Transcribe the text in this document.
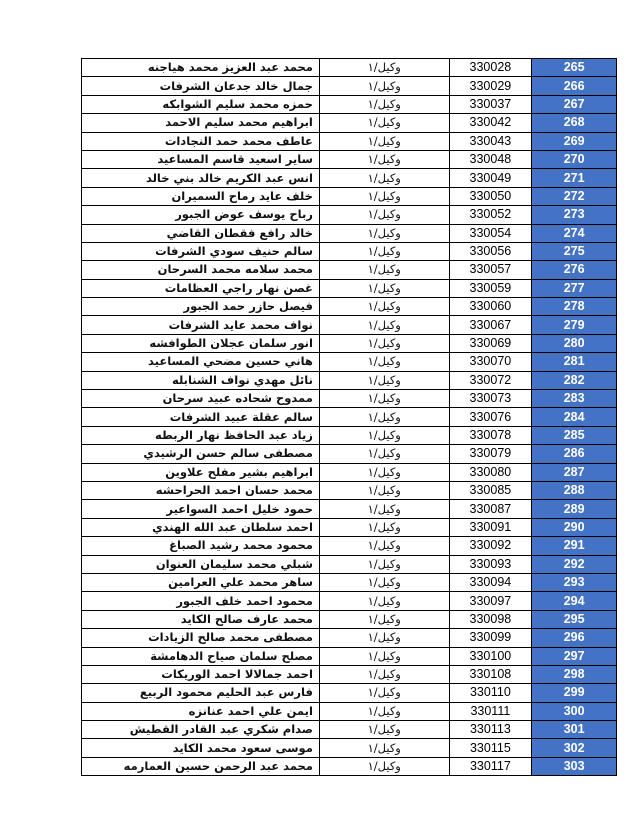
محمد عبد العزيز محمد هياجنه	وكيل/١	330028	265
جمال خالد جدعان الشرفات	وكيل/١	330029	266
حمزه محمد سليم الشوابكه	وكيل/١	330037	267
ابراهيم محمد سليم الاحمد	وكيل/١	330042	268
عاطف محمد حمد النجادات	وكيل/١	330043	269
ساير اسعيد قاسم المساعيد	وكيل/١	330048	270
انس عبد الكريم خالد بني خالد	وكيل/١	330049	271
خلف عايد رماح السميران	وكيل/١	330050	272
رباح يوسف عوض الجبور	وكيل/١	330052	273
خالد رافع فقطان القاضي	وكيل/١	330054	274
سالم حنيف سودي الشرفات	وكيل/١	330056	275
محمد سلامه محمد السرحان	وكيل/١	330057	276
غصن نهار راجي العظامات	وكيل/١	330059	277
فيصل حازر حمد الجبور	وكيل/١	330060	278
نواف محمد عايد الشرفات	وكيل/١	330067	279
انور سلمان عجلان الطوافشه	وكيل/١	330069	280
هاني حسين مضحي المساعيد	وكيل/١	330070	281
نائل مهدي نواف الشنابله	وكيل/١	330072	282
ممدوح شحاده عبيد سرحان	وكيل/١	330073	283
سالم عقلة عبيد الشرفات	وكيل/١	330076	284
زياد عبد الحافظ نهار الربطه	وكيل/١	330078	285
مصطفى سالم حسن الرشيدي	وكيل/١	330079	286
ابراهيم بشير مفلح علاوين	وكيل/١	330080	287
محمد حسان احمد الحراحشه	وكيل/١	330085	288
حمود خليل احمد السواعير	وكيل/١	330087	289
احمد سلطان عبد الله الهندي	وكيل/١	330091	290
محمود محمد رشيد الصباغ	وكيل/١	330092	291
شبلي محمد سليمان العنوان	وكيل/١	330093	292
ساهر محمد علي العرامين	وكيل/١	330094	293
محمود احمد خلف الجبور	وكيل/١	330097	294
محمد عارف صالح الكايد	وكيل/١	330098	295
مصطفى محمد صالح الزيادات	وكيل/١	330099	296
مصلح سلمان صياح الدهامشة	وكيل/١	330100	297
احمد جمالالا احمد الوريكات	وكيل/١	330108	298
فارس عبد الحليم محمود الربيع	وكيل/١	330110	299
ايمن علي احمد عنانزه	وكيل/١	330111	300
صدام شكري عبد القادر القطيش	وكيل/١	330113	301
موسى سعود محمد الكايد	وكيل/١	330115	302
محمد عبد الرحمن حسين العمارمه	وكيل/١	330117	303
